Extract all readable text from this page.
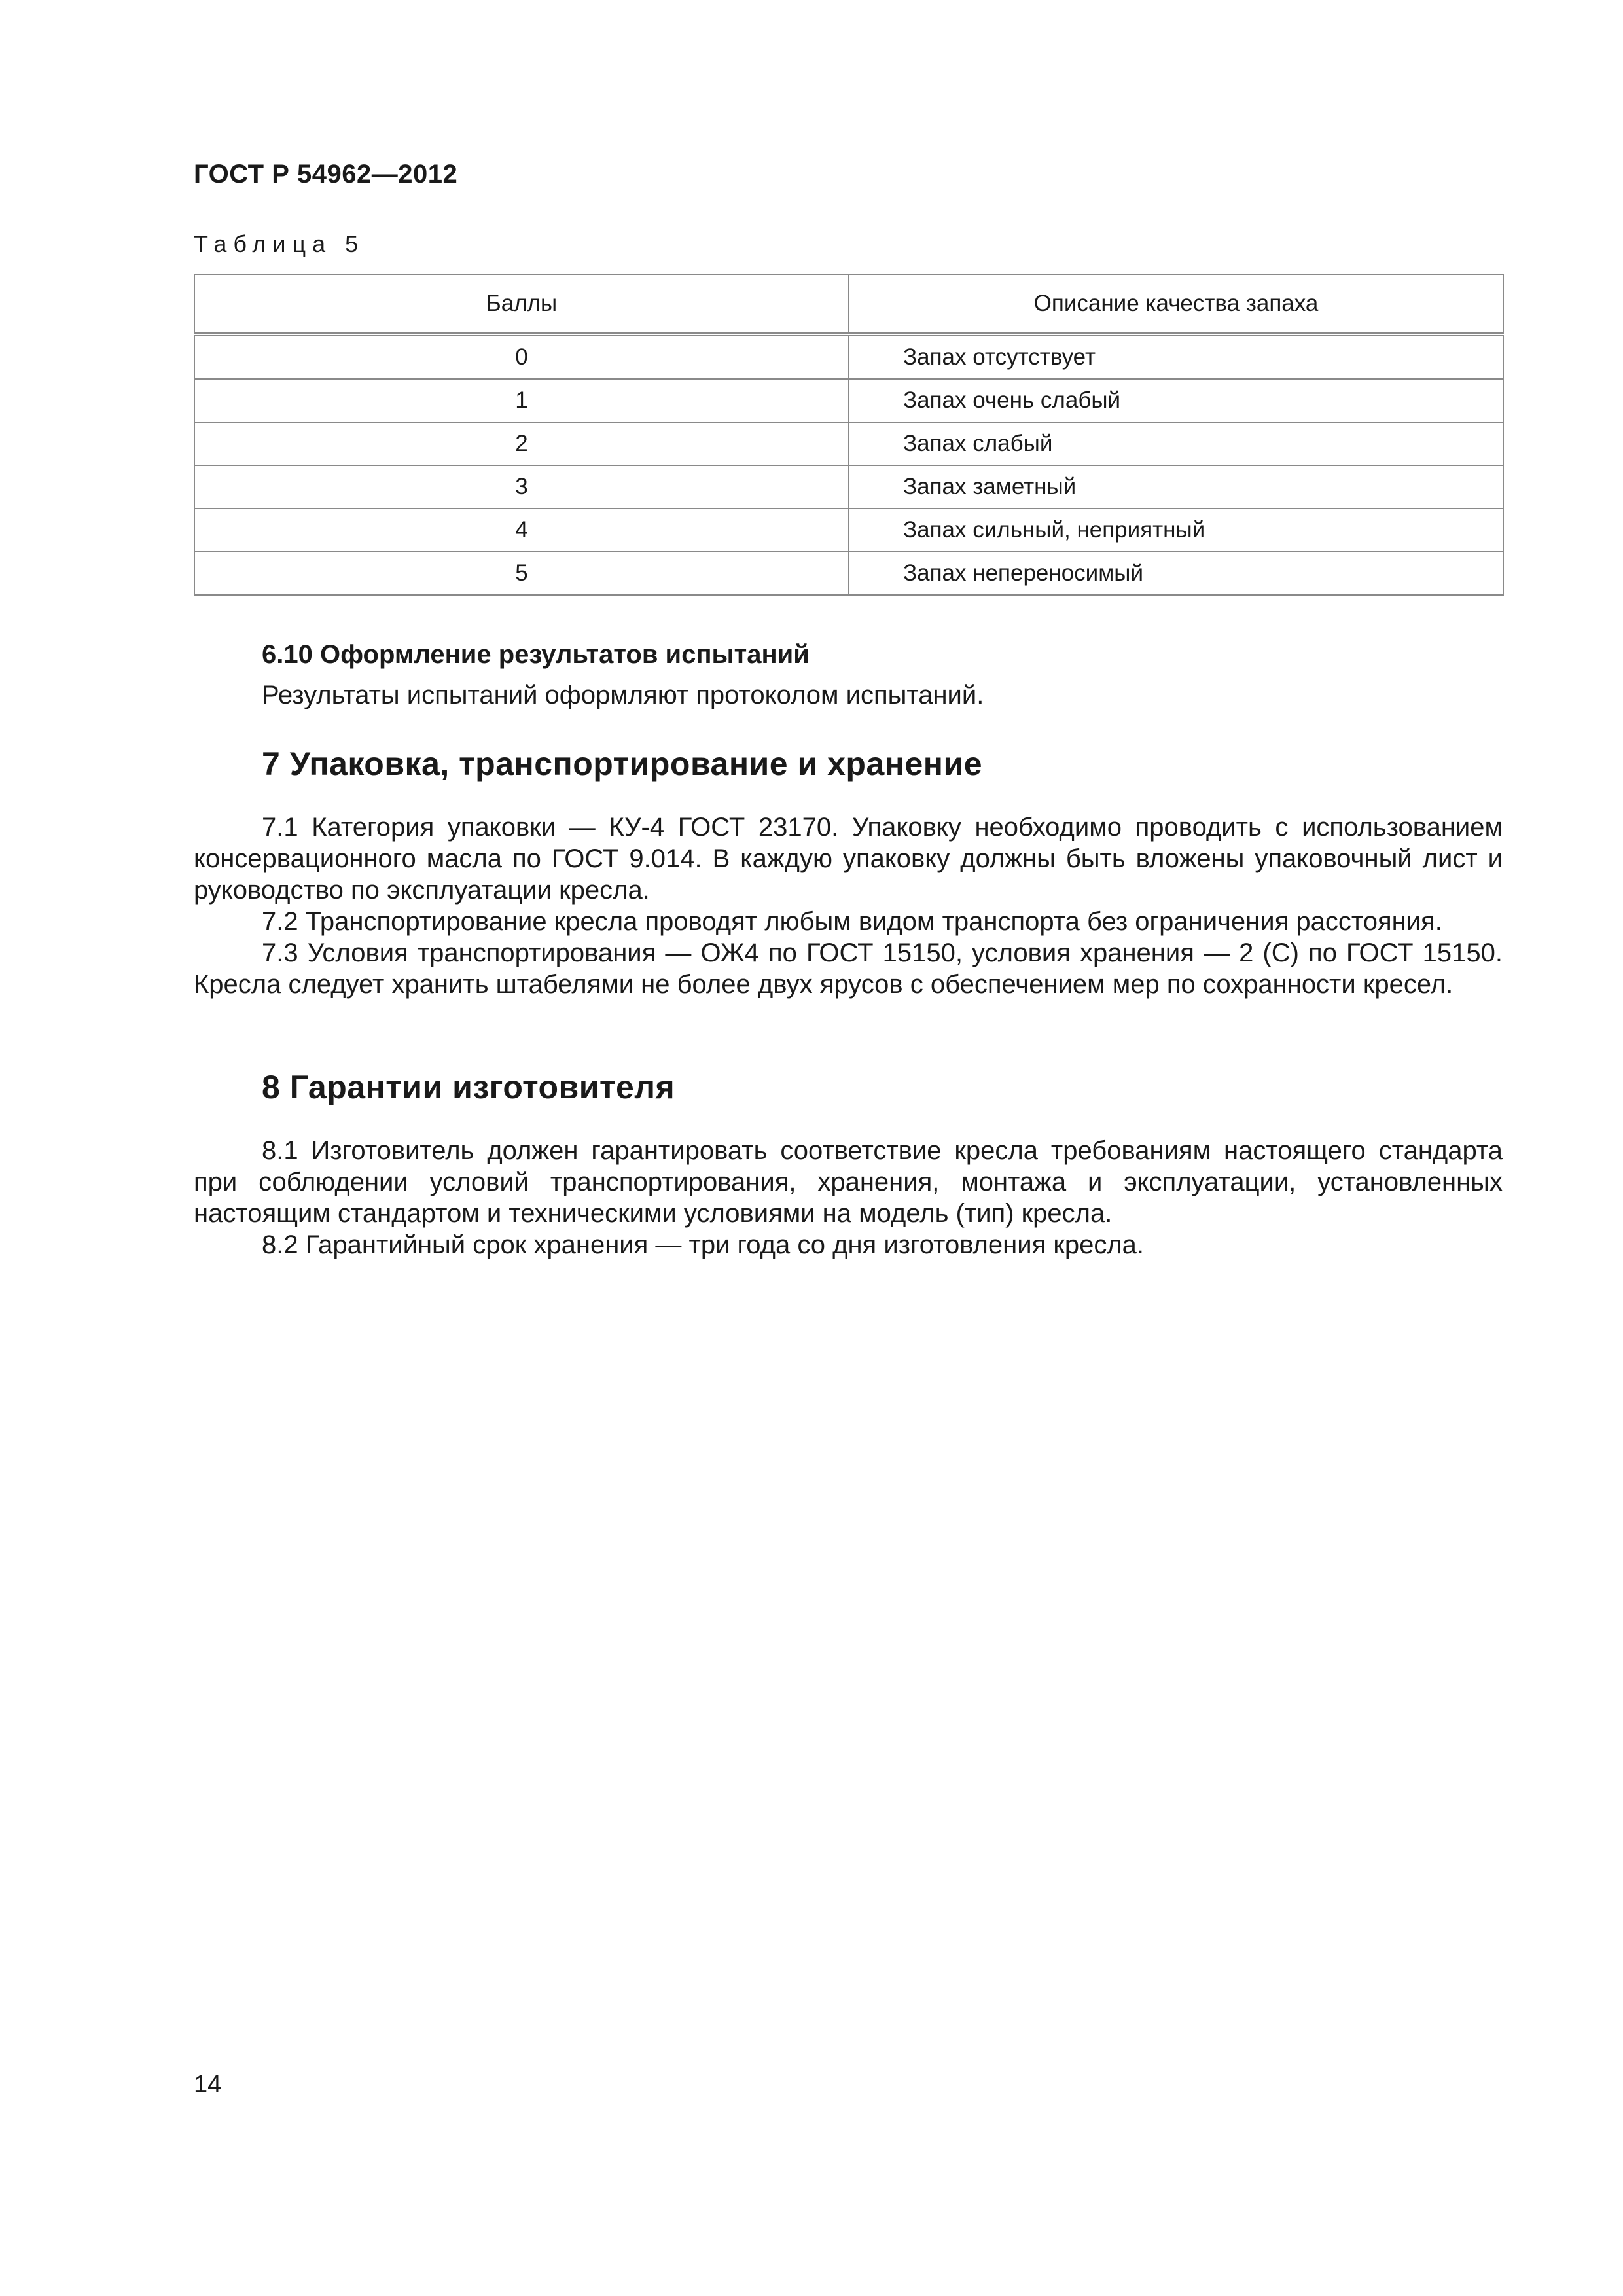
ГОСТ Р 54962—2012
Таблица 5
Баллы	Описание качества запаха
0	Запах отсутствует
1	Запах очень слабый
2	Запах слабый
3	Запах заметный
4	Запах сильный, неприятный
5	Запах непереносимый
6.10 Оформление результатов испытаний
Результаты испытаний оформляют протоколом испытаний.
7 Упаковка, транспортирование и хранение

7.1 Категория упаковки — КУ-4 ГОСТ 23170. Упаковку необходимо проводить с использованием консервационного масла по ГОСТ 9.014. В каждую упаковку должны быть вложены упаковочный лист и руководство по эксплуатации кресла.

7.2 Транспортирование кресла проводят любым видом транспорта без ограничения расстояния.

7.3 Условия транспортирования — ОЖ4 по ГОСТ 15150, условия хранения — 2 (С) по ГОСТ 15150. Кресла следует хранить штабелями не более двух ярусов с обеспечением мер по сохранности кресел.

8 Гарантии изготовителя

8.1 Изготовитель должен гарантировать соответствие кресла требованиям настоящего стандарта при соблюдении условий транспортирования, хранения, монтажа и эксплуатации, установленных настоящим стандартом и техническими условиями на модель (тип) кресла.

8.2 Гарантийный срок хранения — три года со дня изготовления кресла.

14
